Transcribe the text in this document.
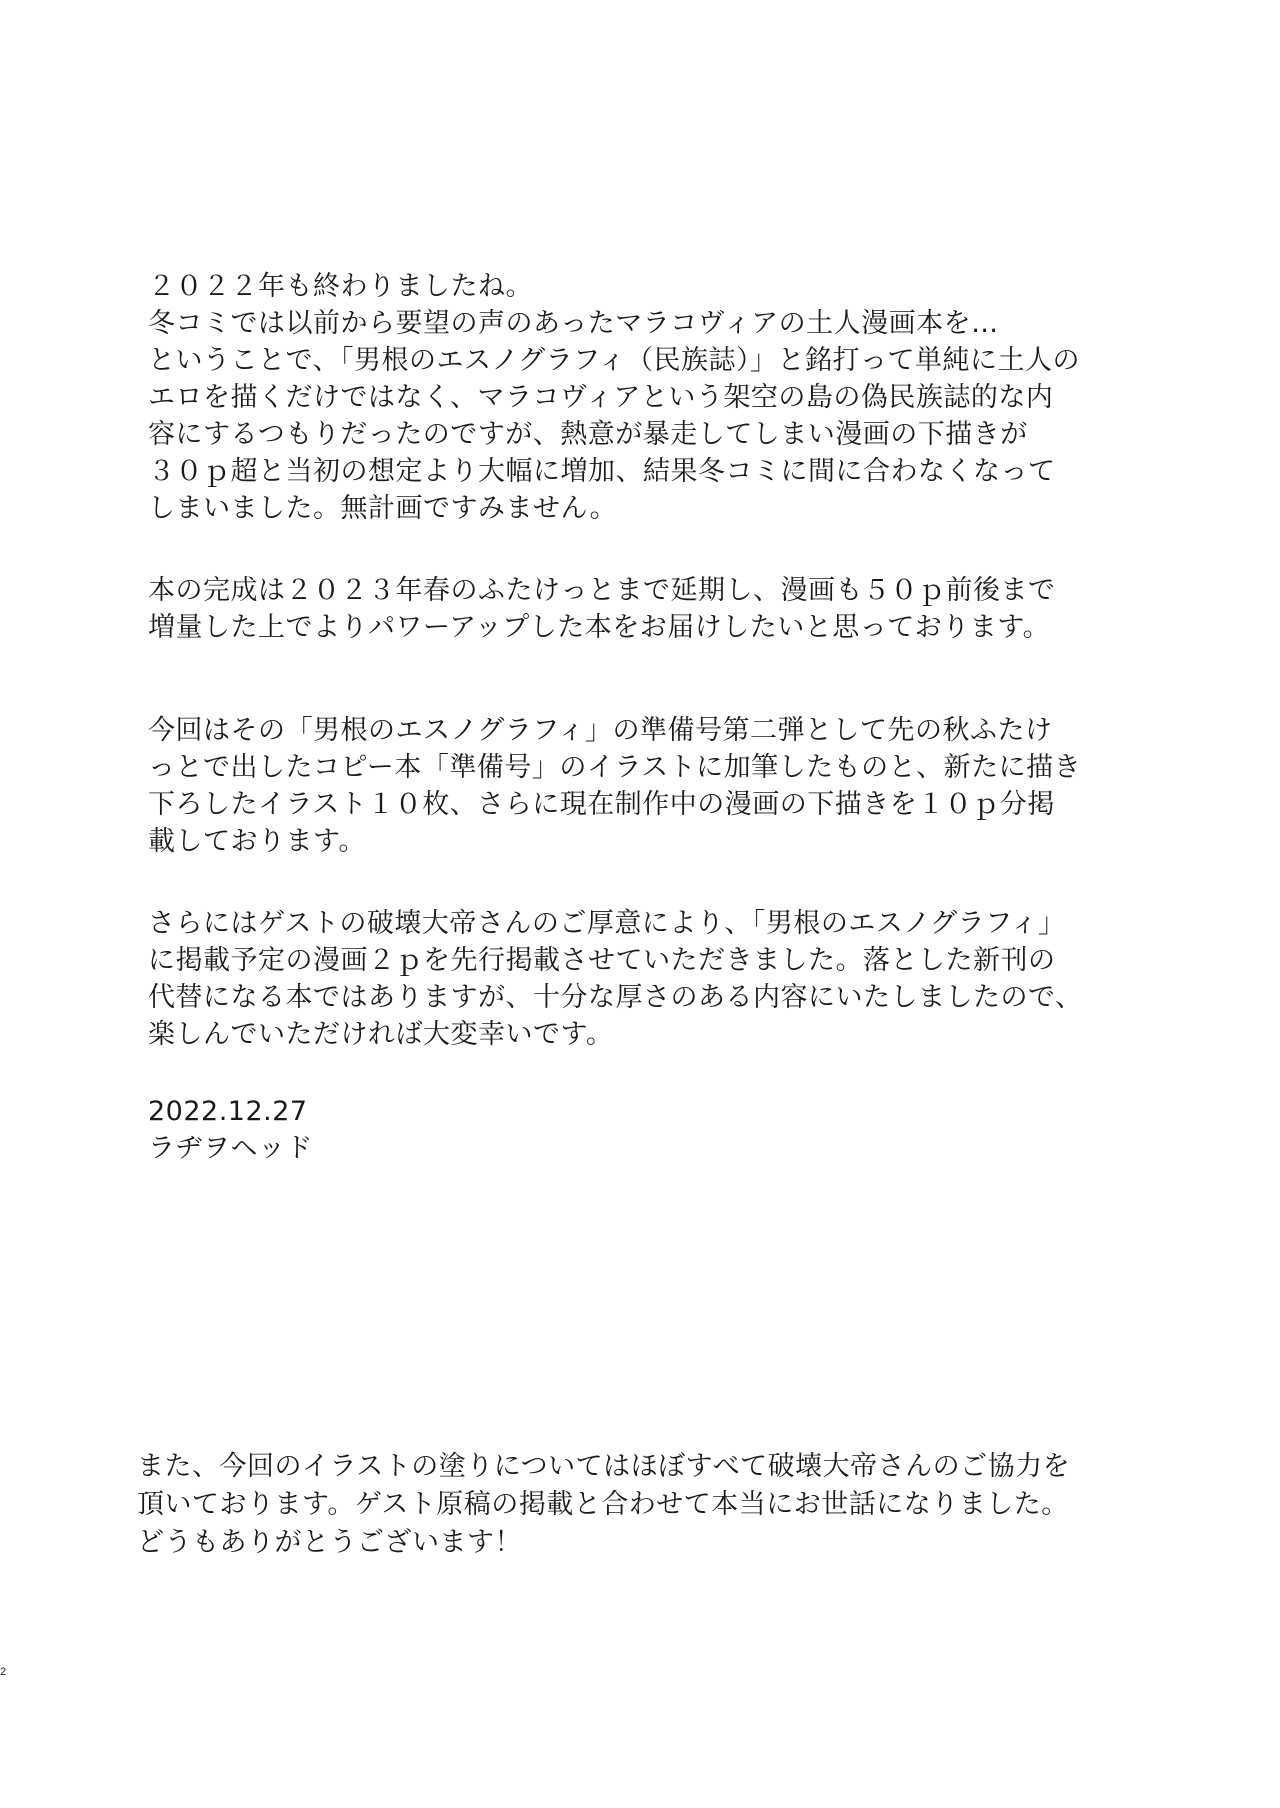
２０２２年も終わりましたね。
冬コミでは以前から要望の声のあったマラコヴィアの土人漫画本を…
ということで、「男根のエスノグラフィ（民族誌）」と銘打って単純に土人の
エロを描くだけではなく、マラコヴィアという架空の島の偽民族誌的な内
容にするつもりだったのですが、熱意が暴走してしまい漫画の下描きが
３０ｐ超と当初の想定より大幅に増加、結果冬コミに間に合わなくなって
しまいました。無計画ですみません。
本の完成は２０２３年春のふたけっとまで延期し、漫画も５０ｐ前後まで
増量した上でよりパワーアップした本をお届けしたいと思っております。
今回はその「男根のエスノグラフィ」の準備号第二弾として先の秋ふたけ
っとで出したコピー本「準備号」のイラストに加筆したものと、新たに描き
下ろしたイラスト１０枚、さらに現在制作中の漫画の下描きを１０ｐ分掲
載しております。
さらにはゲストの破壊大帝さんのご厚意により、「男根のエスノグラフィ」
に掲載予定の漫画２ｐを先行掲載させていただきました。落とした新刊の
代替になる本ではありますが、十分な厚さのある内容にいたしましたので、
楽しんでいただければ大変幸いです。
2022.12.27
ラヂヲヘッド
また、今回のイラストの塗りについてはほぼすべて破壊大帝さんのご協力を
頂いております。ゲスト原稿の掲載と合わせて本当にお世話になりました。
どうもありがとうございます！
2
